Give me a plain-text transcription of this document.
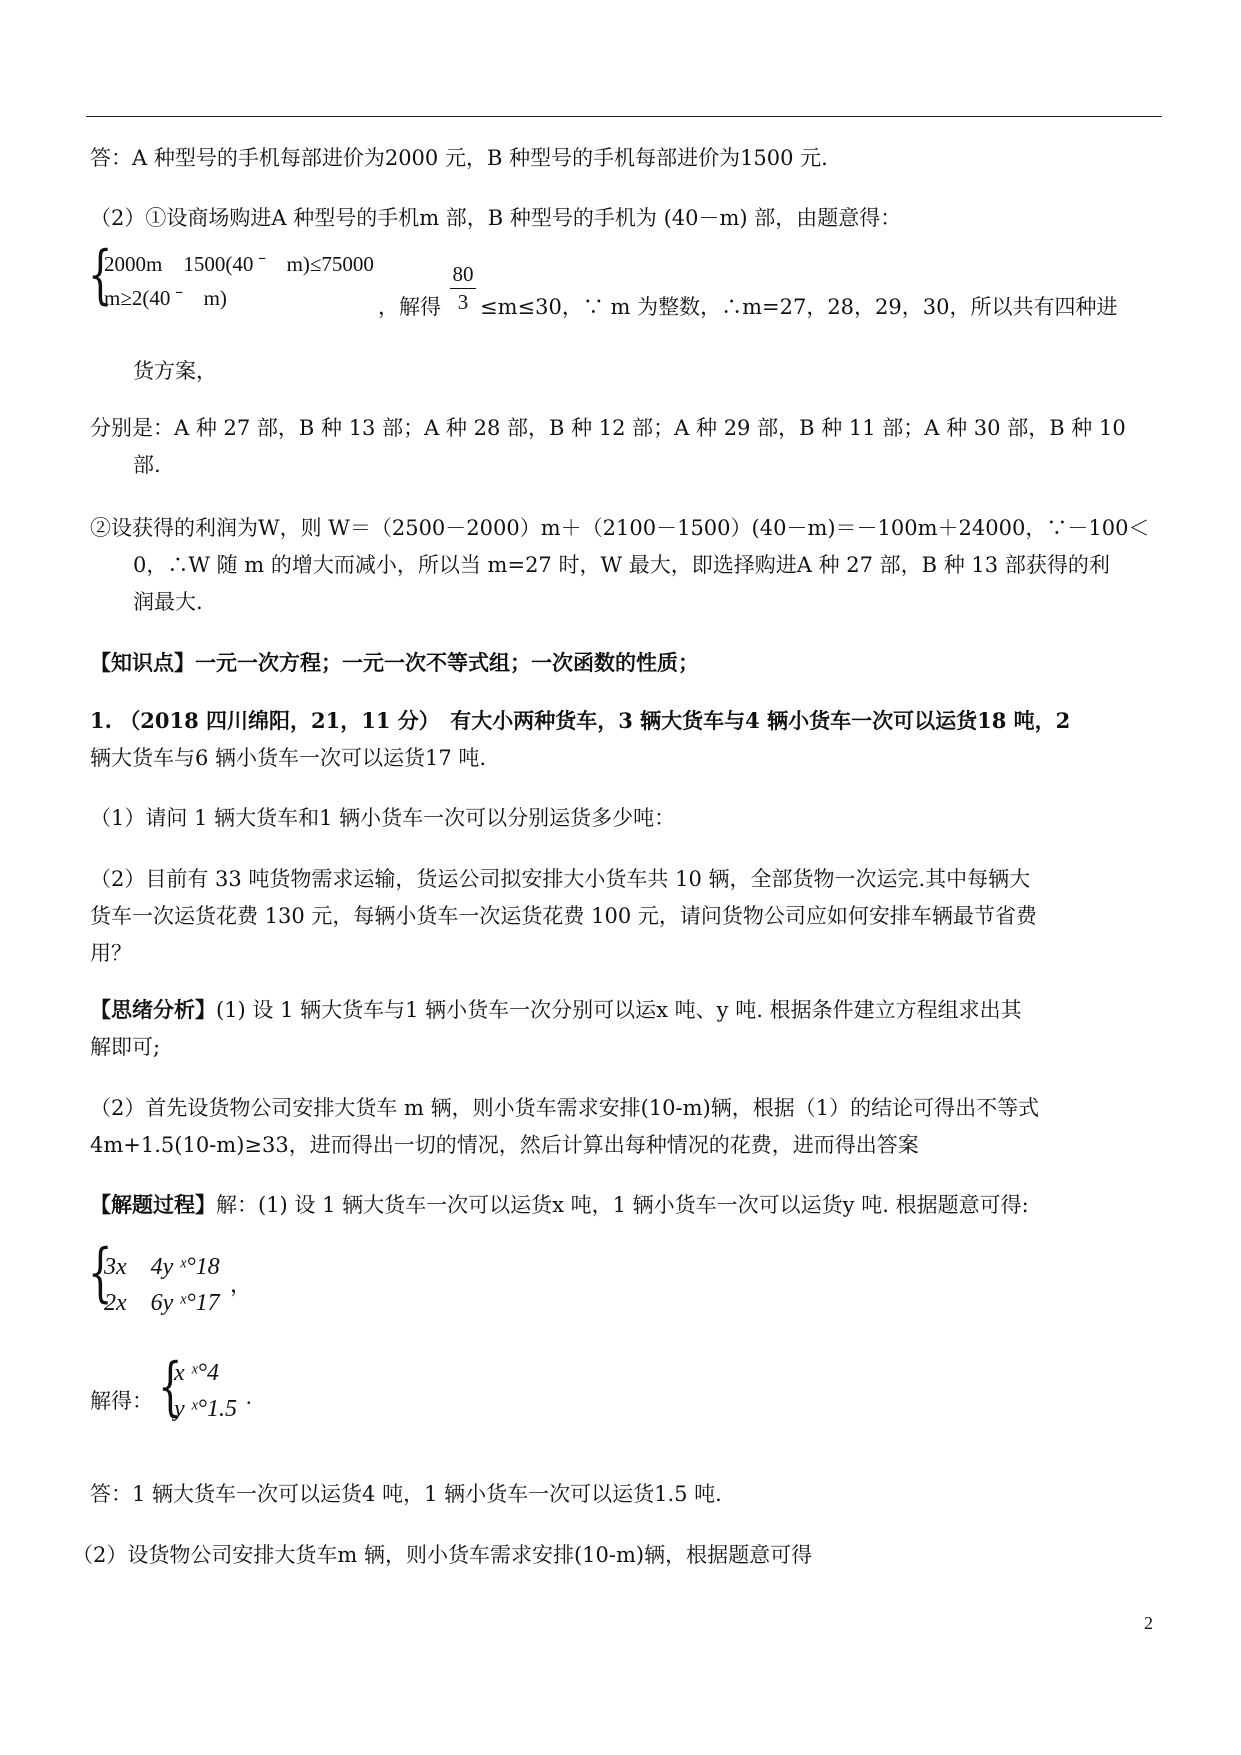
答：A 种型号的手机每部进价为2000 元，B 种型号的手机每部进价为1500 元.
（2）①设商场购进A 种型号的手机m 部，B 种型号的手机为 (40－m) 部，由题意得：
{
2000m　1500(40 ˉ　m)≤75000
m≥2(40 ˉ　m)	，解得
80
3 ≤m≤30，∵ m 为整数，∴m=27，28，29，30，所以共有四种进
货方案，
分别是：A 种 27 部，B 种 13 部；A 种 28 部，B 种 12 部；A 种 29 部，B 种 11 部；A 种 30 部，B 种 10
部.
②设获得的利润为W，则 W＝（2500－2000）m＋（2100－1500）(40－m)＝－100m＋24000，∵－100＜
0，∴W 随 m 的增大而减小，所以当 m=27 时，W 最大，即选择购进A 种 27 部，B 种 13 部获得的利
润最大.
【知识点】一元一次方程；一元一次不等式组；一次函数的性质；
1. （2018 四川绵阳，21，11 分）　有大小两种货车，3 辆大货车与4 辆小货车一次可以运货18 吨，2
辆大货车与6 辆小货车一次可以运货17 吨.
（1）请问 1 辆大货车和1 辆小货车一次可以分别运货多少吨：
（2）目前有 33 吨货物需求运输，货运公司拟安排大小货车共 10 辆，全部货物一次运完.其中每辆大
货车一次运货花费 130 元，每辆小货车一次运货花费 100 元，请问货物公司应如何安排车辆最节省费
用？
【思绪分析】(1) 设 1 辆大货车与1 辆小货车一次分别可以运x 吨、y 吨. 根据条件建立方程组求出其
解即可;
（2）首先设货物公司安排大货车 m 辆，则小货车需求安排(10-m)辆，根据（1）的结论可得出不等式
4m+1.5(10-m)≥33，进而得出一切的情况，然后计算出每种情况的花费，进而得出答案
【解题过程】解：(1) 设 1 辆大货车一次可以运货x 吨，1 辆小货车一次可以运货y 吨. 根据题意可得:
{
3x　4y ˣ°18
2x　6y ˣ°17
，
解得： {
x ˣ°4
y ˣ°1.5 .
答：1 辆大货车一次可以运货4 吨，1 辆小货车一次可以运货1.5 吨.
（2）设货物公司安排大货车m 辆，则小货车需求安排(10-m)辆，根据题意可得
2
